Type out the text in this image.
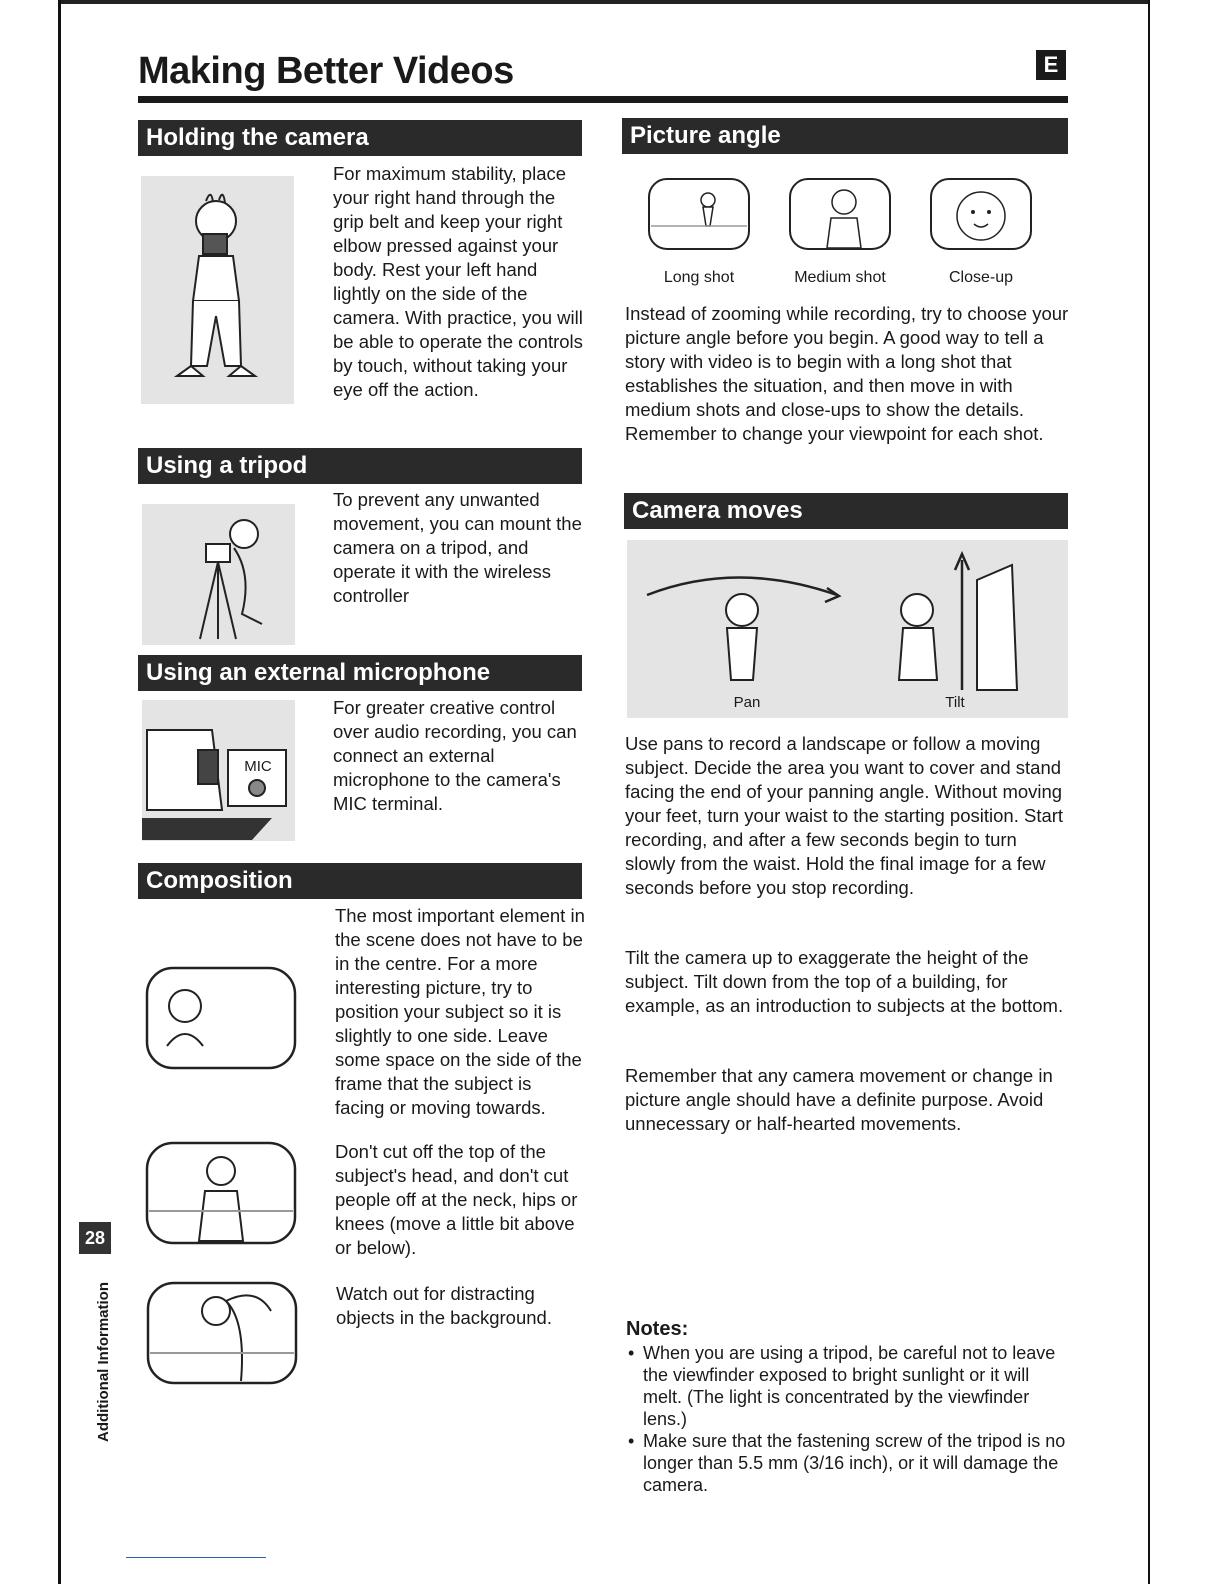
Making Better Videos	E
Holding the camera

For maximum stability, place your right hand through the grip belt and keep your right elbow pressed against your body. Rest your left hand lightly on the side of the camera. With practice, you will be able to operate the controls by touch, without taking your eye off the action.

Using a tripod

To prevent any unwanted movement, you can mount the camera on a tripod, and operate it with the wireless controller

Using an external microphone
MIC

For greater creative control over audio recording, you can connect an external microphone to the camera's MIC terminal.

Composition

The most important element in the scene does not have to be in the centre. For a more interesting picture, try to position your subject so it is slightly to one side. Leave some space on the side of the frame that the subject is facing or moving towards.

Don't cut off the top of the subject's head, and don't cut people off at the neck, hips or knees (move a little bit above or below).

Watch out for distracting objects in the background.

Picture angle
Long shot	Medium shot	Close-up

Instead of zooming while recording, try to choose your picture angle before you begin. A good way to tell a story with video is to begin with a long shot that establishes the situation, and then move in with medium shots and close-ups to show the details. Remember to change your viewpoint for each shot.

Camera moves
Pan	Tilt

Use pans to record a landscape or follow a moving subject. Decide the area you want to cover and stand facing the end of your panning angle. Without moving your feet, turn your waist to the starting position. Start recording, and after a few seconds begin to turn slowly from the waist. Hold the final image for a few seconds before you stop recording.

Tilt the camera up to exaggerate the height of the subject. Tilt down from the top of a building, for example, as an introduction to subjects at the bottom.

Remember that any camera movement or change in picture angle should have a definite purpose. Avoid unnecessary or half-hearted movements.

Notes:
• When you are using a tripod, be careful not to leave the viewfinder exposed to bright sunlight or it will melt. (The light is concentrated by the viewfinder lens.)
• Make sure that the fastening screw of the tripod is no longer than 5.5 mm (3/16 inch), or it will damage the camera.
28
Additional Information
